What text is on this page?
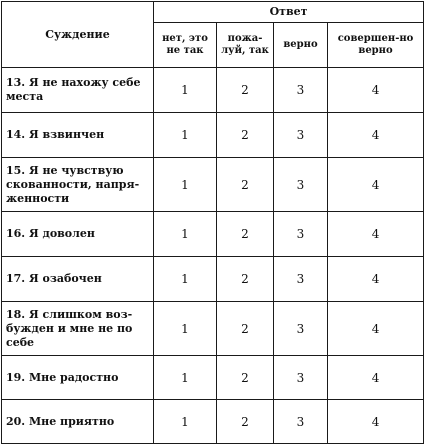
Суждение	Ответ			
	нет, это не так	пожа-луй, так	верно	совершен-но верно
13. Я не нахожу себе места	1	2	3	4
14. Я взвинчен	1	2	3	4
15. Я не чувствую скованности, напря-женности	1	2	3	4
16. Я доволен	1	2	3	4
17. Я озабочен	1	2	3	4
18. Я слишком воз-бужден и мне не по себе	1	2	3	4
19. Мне радостно	1	2	3	4
20. Мне приятно	1	2	3	4
